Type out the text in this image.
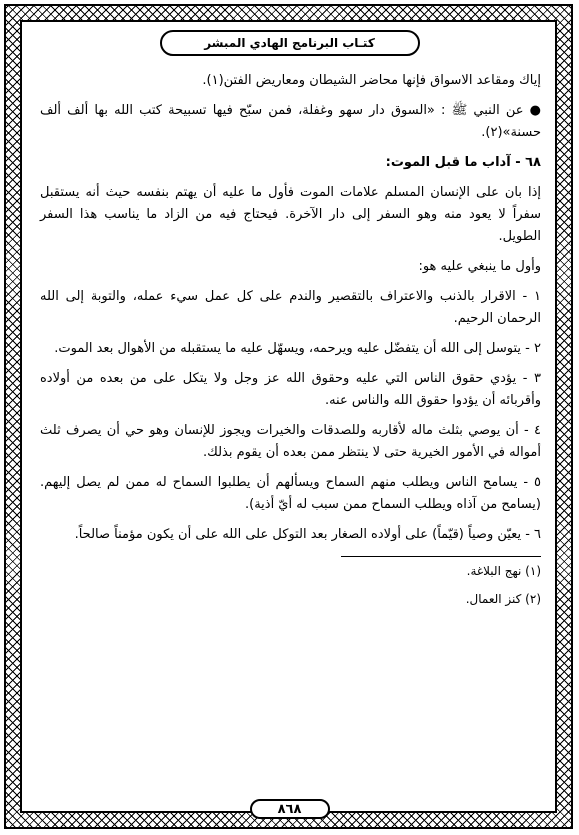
كتـاب البرنامج الهادي المبشر

إياك ومقاعد الاسواق فإنها محاضر الشيطان ومعاريض الفتن(١).

● عن النبي ﷺ : «السوق دار سهو وغفلة، فمن سبّح فيها تسبيحة كتب الله بها ألف ألف حسنة»(٢).

٦٨ - آداب ما قبل الموت:

إذا بان على الإنسان المسلم علامات الموت فأول ما عليه أن يهتم بنفسه حيث أنه يستقبل سفراً لا يعود منه وهو السفر إلى دار الآخرة. فيحتاج فيه من الزاد ما يناسب هذا السفر الطويل.

وأول ما ينبغي عليه هو:

١ - الاقرار بالذنب والاعتراف بالتقصير والندم على كل عمل سيء عمله، والتوبة إلى الله الرحمان الرحيم.

٢ - يتوسل إلى الله أن يتفضّل عليه ويرحمه، ويسهّل عليه ما يستقبله من الأهوال بعد الموت.

٣ - يؤدي حقوق الناس التي عليه وحقوق الله عز وجل ولا يتكل على من بعده من أولاده وأقربائه أن يؤدوا حقوق الله والناس عنه.

٤ - أن يوصي بثلث ماله لأقاربه وللصدقات والخيرات ويجوز للإنسان وهو حي أن يصرف ثلث أمواله في الأمور الخيرية حتى لا ينتظر ممن بعده أن يقوم بذلك.

٥ - يسامح الناس ويطلب منهم السماح ويسألهم أن يطلبوا السماح له ممن لم يصل إليهم. (يسامح من آذاه ويطلب السماح ممن سبب له أيّ أذية).

٦ - يعيّن وصياً (قيّماً) على أولاده الصغار بعد التوكل على الله على أن يكون مؤمناً صالحاً.

(١) نهج البلاغة.

(٢) كنز العمال.

٨٦٨
